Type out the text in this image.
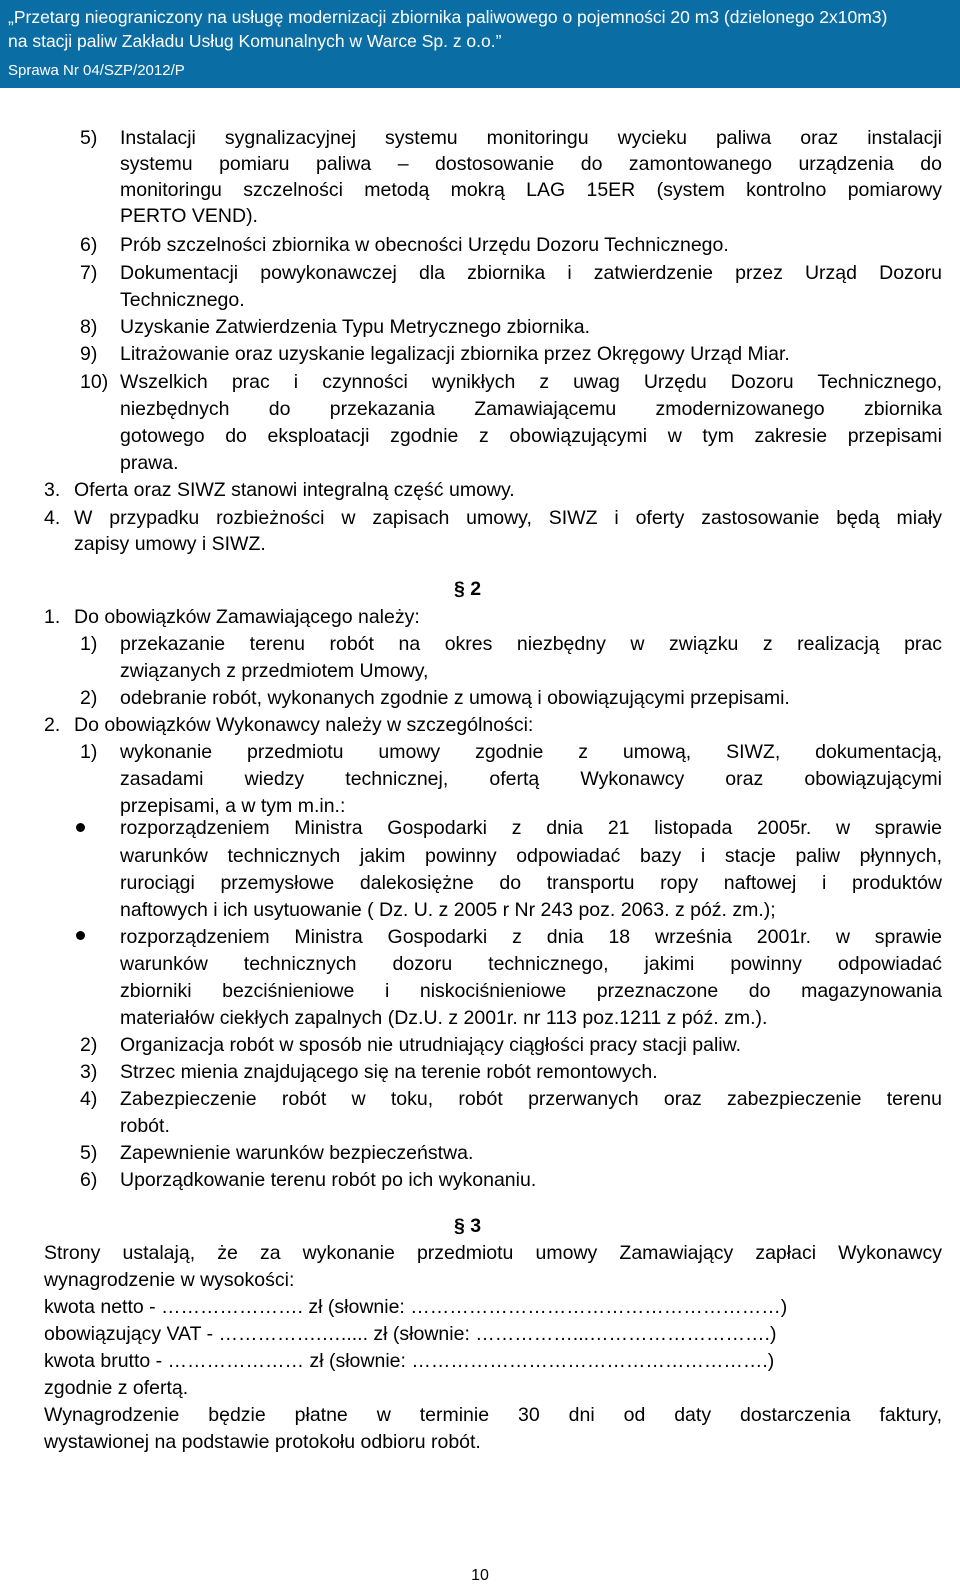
„Przetarg nieograniczony na usługę modernizacji zbiornika paliwowego o pojemności 20 m3 (dzielonego 2x10m3)
na stacji paliw Zakładu Usług Komunalnych w Warce Sp. z o.o.”
Sprawa Nr 04/SZP/2012/P
5) Instalacji sygnalizacyjnej systemu monitoringu wycieku paliwa oraz instalacji
systemu pomiaru paliwa – dostosowanie do zamontowanego urządzenia do
monitoringu szczelności metodą mokrą LAG 15ER (system kontrolno pomiarowy
PERTO VEND).
6) Prób szczelności zbiornika w obecności Urzędu Dozoru Technicznego.
7) Dokumentacji powykonawczej dla zbiornika i zatwierdzenie przez Urząd Dozoru
Technicznego.
8) Uzyskanie Zatwierdzenia Typu Metrycznego zbiornika.
9) Litrażowanie oraz uzyskanie legalizacji zbiornika przez Okręgowy Urząd Miar.
10) Wszelkich prac i czynności wynikłych z uwag Urzędu Dozoru Technicznego,
niezbędnych do przekazania Zamawiającemu zmodernizowanego zbiornika
gotowego do eksploatacji zgodnie z obowiązującymi w tym zakresie przepisami
prawa.
3. Oferta oraz SIWZ stanowi integralną część umowy.
4. W przypadku rozbieżności w zapisach umowy, SIWZ i oferty zastosowanie będą miały
zapisy umowy i SIWZ.
§ 2
1. Do obowiązków Zamawiającego należy:
1) przekazanie terenu robót na okres niezbędny w związku z realizacją prac
związanych z przedmiotem Umowy,
2) odebranie robót, wykonanych zgodnie z umową i obowiązującymi przepisami.
2. Do obowiązków Wykonawcy należy w szczególności:
1) wykonanie przedmiotu umowy zgodnie z umową, SIWZ, dokumentacją,
zasadami wiedzy technicznej, ofertą Wykonawcy oraz obowiązującymi
przepisami, a w tym m.in.:
rozporządzeniem Ministra Gospodarki z dnia 21 listopada 2005r. w sprawie
warunków technicznych jakim powinny odpowiadać bazy i stacje paliw płynnych,
rurociągi przemysłowe dalekosiężne do transportu ropy naftowej i produktów
naftowych i ich usytuowanie ( Dz. U. z 2005 r Nr 243 poz. 2063. z póź. zm.);
rozporządzeniem Ministra Gospodarki z dnia 18 września 2001r. w sprawie
warunków technicznych dozoru technicznego, jakimi powinny odpowiadać
zbiorniki bezciśnieniowe i niskociśnieniowe przeznaczone do magazynowania
materiałów ciekłych zapalnych (Dz.U. z 2001r. nr 113 poz.1211 z póź. zm.).
2) Organizacja robót w sposób nie utrudniający ciągłości pracy stacji paliw.
3) Strzec mienia znajdującego się na terenie robót remontowych.
4) Zabezpieczenie robót w toku, robót przerwanych oraz zabezpieczenie terenu
robót.
5) Zapewnienie warunków bezpieczeństwa.
6) Uporządkowanie terenu robót po ich wykonaniu.
§ 3
Strony ustalają, że za wykonanie przedmiotu umowy Zamawiający zapłaci Wykonawcy
wynagrodzenie w wysokości:
kwota netto - …………………. zł (słownie: …………………………………………………)
obowiązujący VAT - …………….…..... zł (słownie: ……………...……………………….)
kwota brutto - ………………… zł (słownie: ……………………………………………….)
zgodnie z ofertą.
Wynagrodzenie będzie płatne w terminie 30 dni od daty dostarczenia faktury,
wystawionej na podstawie protokołu odbioru robót.
10
